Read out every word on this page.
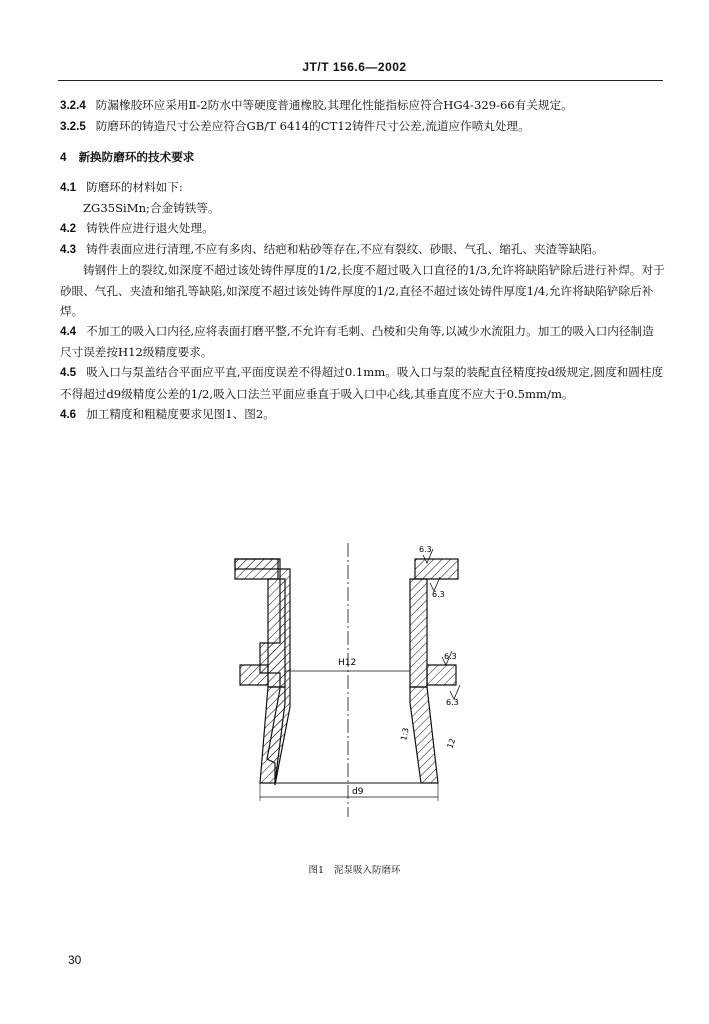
JT/T 156.6—2002

3.2.4 防漏橡胶环应采用Ⅱ-2防水中等硬度普通橡胶,其理化性能指标应符合HG4-329-66有关规定。

3.2.5 防磨环的铸造尺寸公差应符合GB/T 6414的CT12铸件尺寸公差,流道应作喷丸处理。

4 新换防磨环的技术要求

4.1 防磨环的材料如下:

ZG35SiMn;合金铸铁等。

4.2 铸铁件应进行退火处理。

4.3 铸件表面应进行清理,不应有多肉、结疤和粘砂等存在,不应有裂纹、砂眼、气孔、缩孔、夹渣等缺陷。

铸钢件上的裂纹,如深度不超过该处铸件厚度的1/2,长度不超过吸入口直径的1/3,允许将缺陷铲除后进行补焊。对于砂眼、气孔、夹渣和缩孔等缺陷,如深度不超过该处铸件厚度的1/2,直径不超过该处铸件厚度1/4,允许将缺陷铲除后补焊。

4.4 不加工的吸入口内径,应将表面打磨平整,不允许有毛刺、凸棱和尖角等,以减少水流阻力。加工的吸入口内径制造尺寸误差按H12级精度要求。

4.5 吸入口与泵盖结合平面应平直,平面度误差不得超过0.1mm。吸入口与泵的装配直径精度按d级规定,圆度和圆柱度不得超过d9级精度公差的1/2,吸入口法兰平面应垂直于吸入口中心线,其垂直度不应大于0.5mm/m。

4.6 加工精度和粗糙度要求见图1、图2。

H12
d9
6.3
6.3
6.3
6.3
1:3
12
图1 泥泵吸入防磨环
30
